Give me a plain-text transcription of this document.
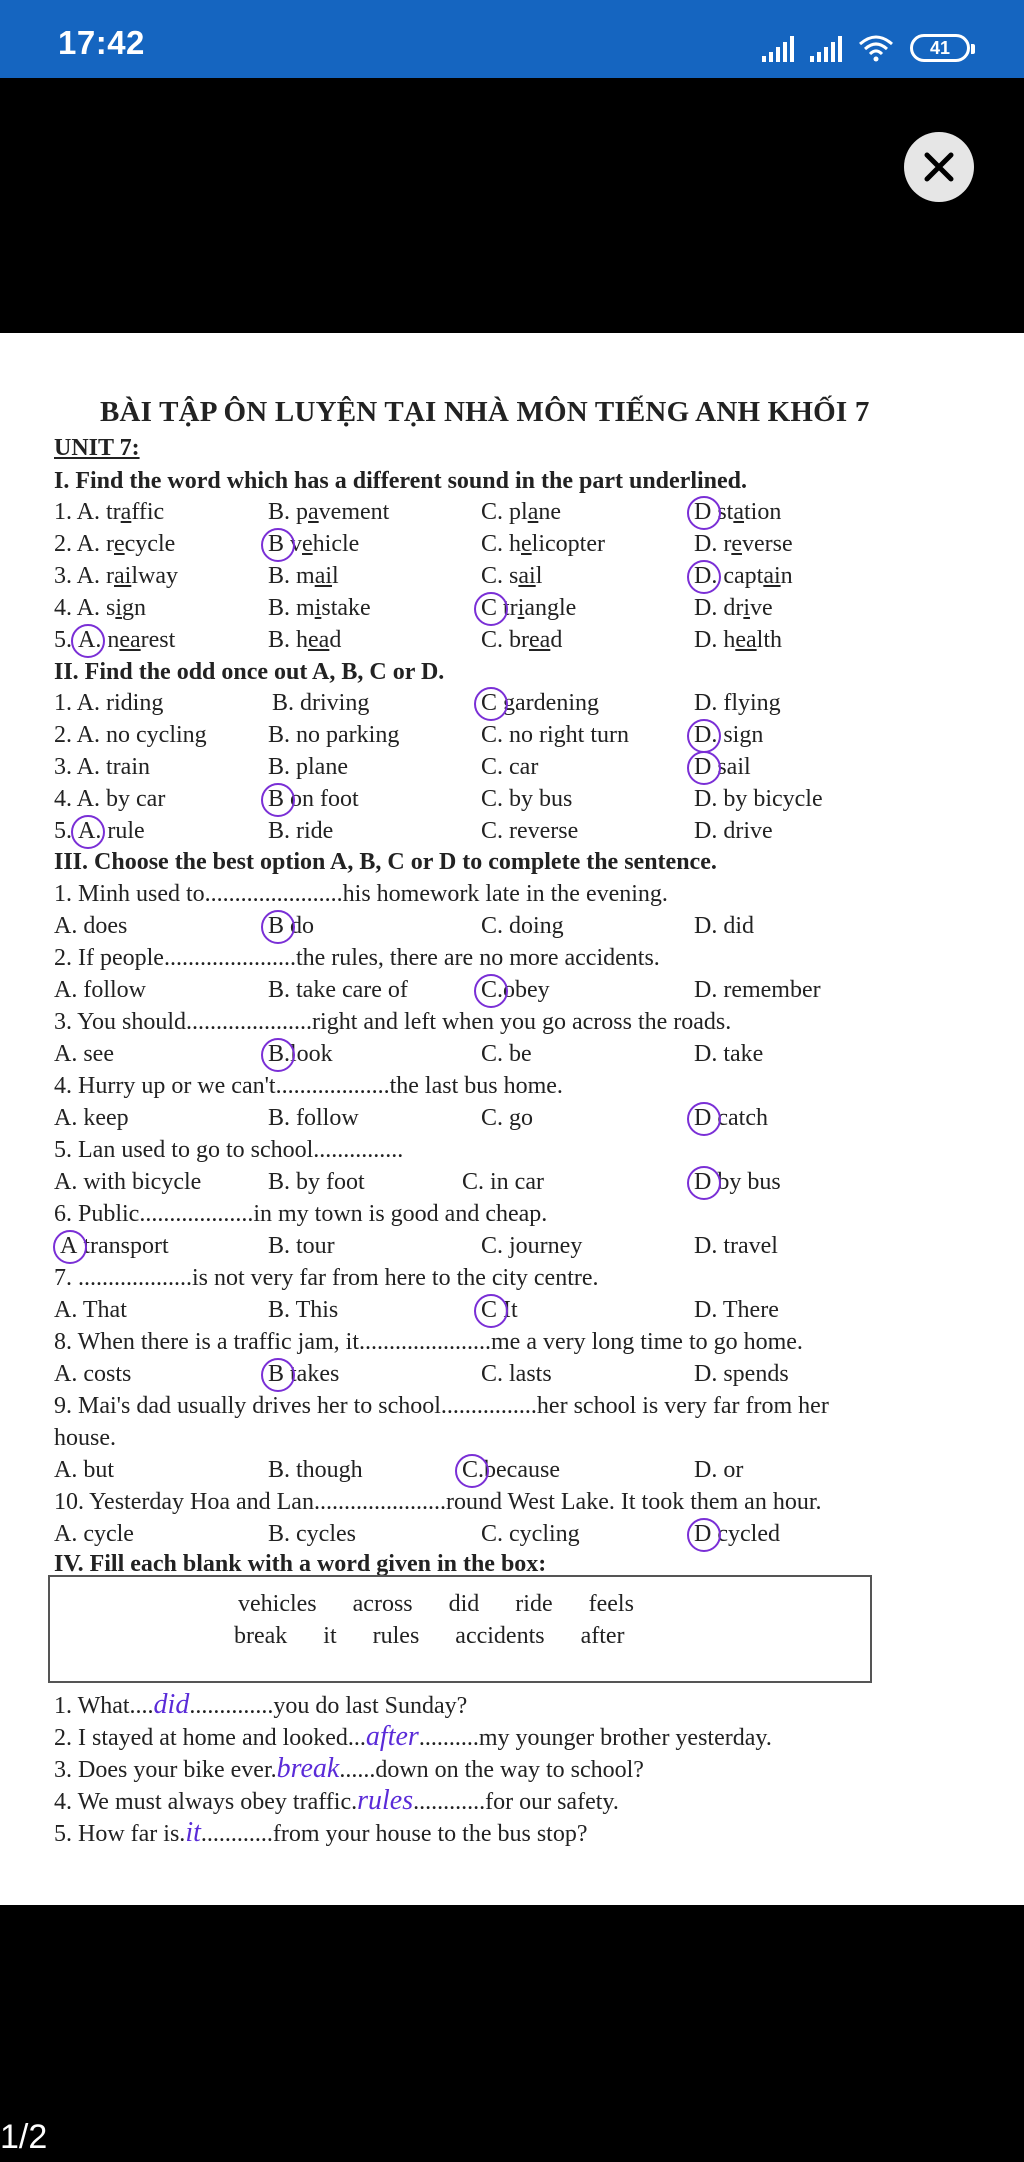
17:42	41
BÀI TẬP ÔN LUYỆN TẠI NHÀ MÔN TIẾNG ANH KHỐI 7
UNIT 7:
I. Find the word which has a different sound in the part underlined.
1. A. traffic	B. pavement	C. plane	D station
2. A. recycle	B vehicle	C. helicopter	D. reverse
3. A. railway	B. mail	C. sail	D. captain
4. A. sign	B. mistake	C triangle	D. drive
5. A. nearest	B. head	C. bread	D. health
II. Find the odd once out A, B, C or D.
1. A. riding	B. driving	C gardening	D. flying
2. A. no cycling	B. no parking	C. no right turn	D. sign
3. A. train	B. plane	C. car	D sail
4. A. by car	B on foot	C. by bus	D. by bicycle
5. A. rule	B. ride	C. reverse	D. drive
III. Choose the best option A, B, C or D to complete the sentence.
1. Minh used to.......................his homework late in the evening.
A. does	B do	C. doing	D. did
2. If people......................the rules, there are no more accidents.
A. follow	B. take care of	C.obey	D. remember
3. You should.....................right and left when you go across the roads.
A. see	B.look	C. be	D. take
4. Hurry up or we can't...................the last bus home.
A. keep	B. follow	C. go	D catch
5. Lan used to go to school...............
A. with bicycle	B. by foot	C. in car	D by bus
6. Public...................in my town is good and cheap.
A transport	B. tour	C. journey	D. travel
7. ...................is not very far from here to the city centre.
A. That	B. This	C It	D. There
8. When there is a traffic jam, it......................me a very long time to go home.
A. costs	B takes	C. lasts	D. spends
9. Mai's dad usually drives her to school................her school is very far from her
house.
A. but	B. though	C.because	D. or
10. Yesterday Hoa and Lan......................round West Lake. It took them an hour.
A. cycle	B. cycles	C. cycling	D cycled
IV. Fill each blank with a word given in the box:
vehicles across did ride feels
break it rules accidents after
1. What....did..............you do last Sunday?
2. I stayed at home and looked...after..........my younger brother yesterday.
3. Does your bike ever.break......down on the way to school?
4. We must always obey traffic.rules............for our safety.
5. How far is.it............from your house to the bus stop?
1/2
